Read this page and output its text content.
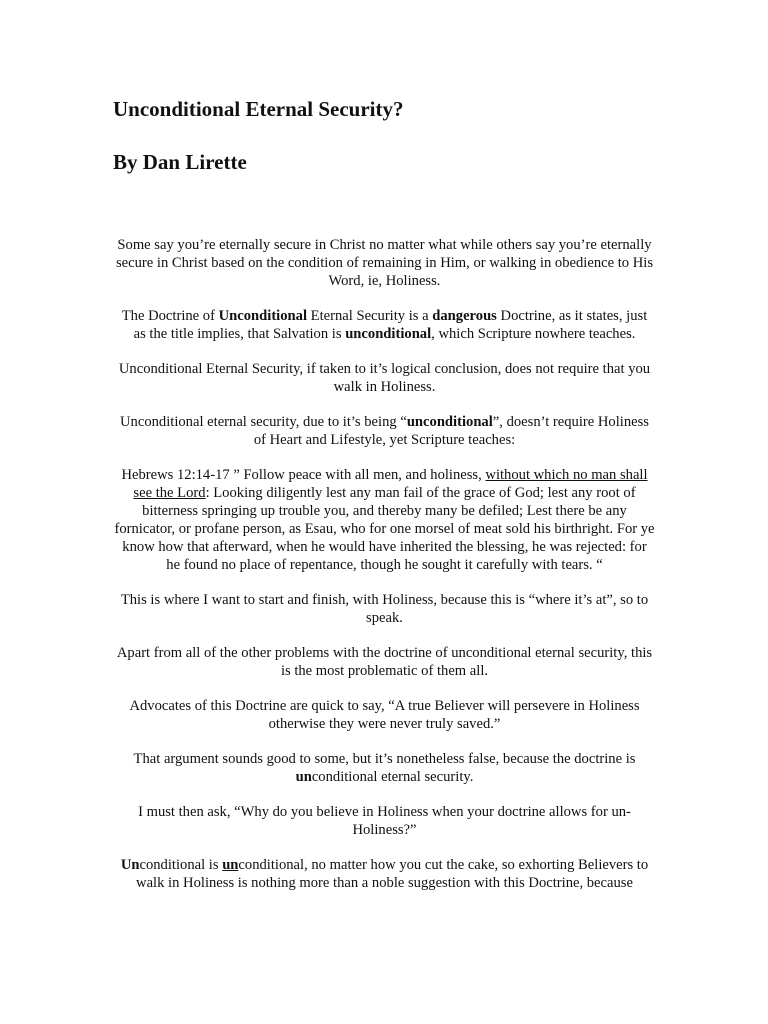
Unconditional Eternal Security?
By Dan Lirette

Some say you’re eternally secure in Christ no matter what while others say you’re eternally secure in Christ based on the condition of remaining in Him, or walking in obedience to His Word, ie, Holiness.

The Doctrine of Unconditional Eternal Security is a dangerous Doctrine, as it states, just as the title implies, that Salvation is unconditional, which Scripture nowhere teaches.

Unconditional Eternal Security, if taken to it’s logical conclusion, does not require that you walk in Holiness.

Unconditional eternal security, due to it’s being “unconditional”, doesn’t require Holiness of Heart and Lifestyle, yet Scripture teaches:

Hebrews 12:14-17 ” Follow peace with all men, and holiness, without which no man shall see the Lord: Looking diligently lest any man fail of the grace of God; lest any root of bitterness springing up trouble you, and thereby many be defiled; Lest there be any fornicator, or profane person, as Esau, who for one morsel of meat sold his birthright. For ye know how that afterward, when he would have inherited the blessing, he was rejected: for he found no place of repentance, though he sought it carefully with tears. “

This is where I want to start and finish, with Holiness, because this is “where it’s at”, so to speak.

Apart from all of the other problems with the doctrine of unconditional eternal security, this is the most problematic of them all.

Advocates of this Doctrine are quick to say, “A true Believer will persevere in Holiness otherwise they were never truly saved.”

That argument sounds good to some, but it’s nonetheless false, because the doctrine is unconditional eternal security.

I must then ask, “Why do you believe in Holiness when your doctrine allows for un-Holiness?”

Unconditional is unconditional, no matter how you cut the cake, so exhorting Believers to walk in Holiness is nothing more than a noble suggestion with this Doctrine, because
